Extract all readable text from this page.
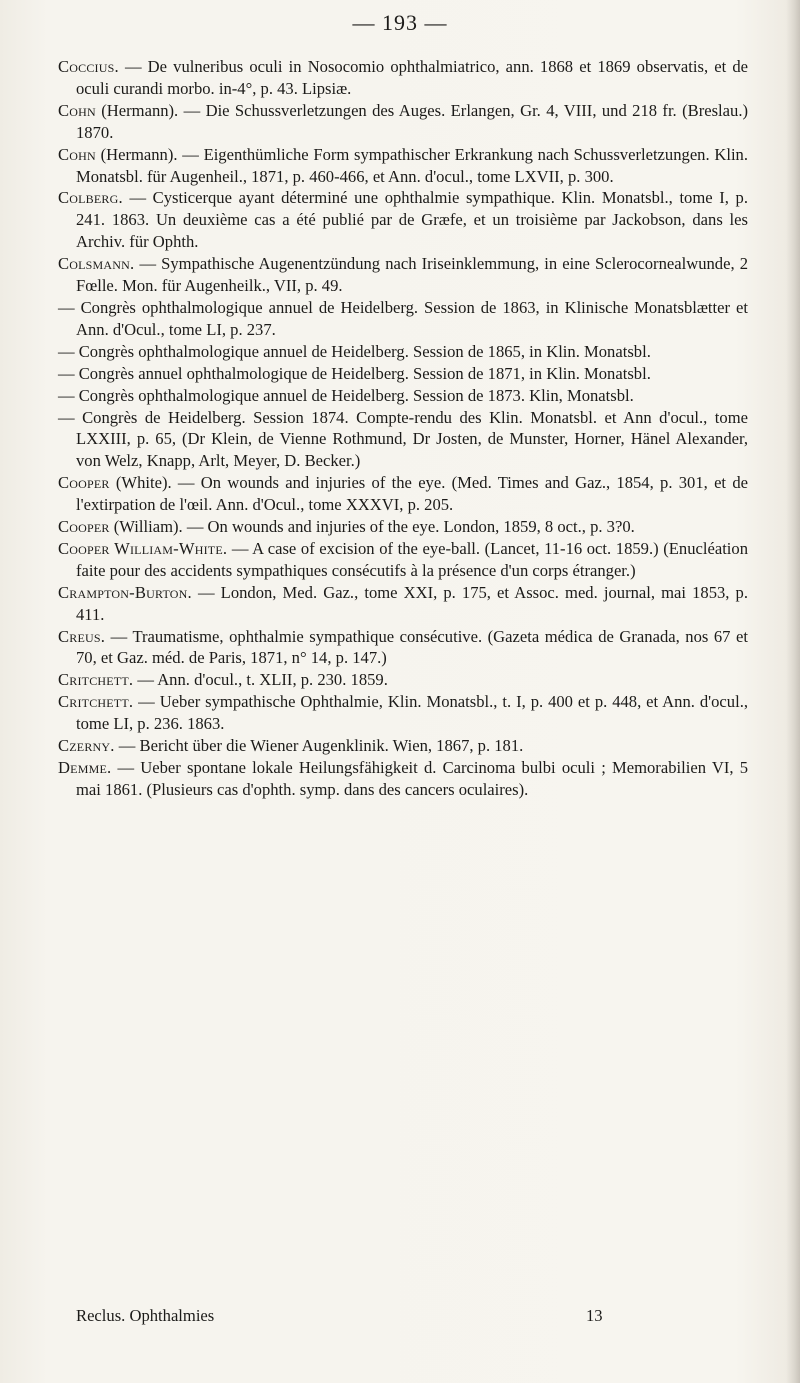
— 193 —

Coccius. — De vulneribus oculi in Nosocomio ophthalmiatrico, ann. 1868 et 1869 observatis, et de oculi curandi morbo. in-4°, p. 43. Lipsiæ.

Cohn (Hermann). — Die Schussverletzungen des Auges. Erlangen, Gr. 4, VIII, und 218 fr. (Breslau.) 1870.

Cohn (Hermann). — Eigenthümliche Form sympathischer Erkrankung nach Schussverletzungen. Klin. Monatsbl. für Augenheil., 1871, p. 460-466, et Ann. d'ocul., tome LXVII, p. 300.

Colberg. — Cysticerque ayant déterminé une ophthalmie sympathique. Klin. Monatsbl., tome I, p. 241. 1863. Un deuxième cas a été publié par de Græfe, et un troisième par Jackobson, dans les Archiv. für Ophth.

Colsmann. — Sympathische Augenentzündung nach Iriseinklemmung, in eine Sclerocornealwunde, 2 Fœlle. Mon. für Augenheilk., VII, p. 49.

— Congrès ophthalmologique annuel de Heidelberg. Session de 1863, in Klinische Monatsblætter et Ann. d'Ocul., tome LI, p. 237.

— Congrès ophthalmologique annuel de Heidelberg. Session de 1865, in Klin. Monatsbl.

— Congrès annuel ophthalmologique de Heidelberg. Session de 1871, in Klin. Monatsbl.

— Congrès ophthalmologique annuel de Heidelberg. Session de 1873. Klin, Monatsbl.

— Congrès de Heidelberg. Session 1874. Compte-rendu des Klin. Monatsbl. et Ann d'ocul., tome LXXIII, p. 65, (Dr Klein, de Vienne Rothmund, Dr Josten, de Munster, Horner, Hänel Alexander, von Welz, Knapp, Arlt, Meyer, D. Becker.)

Cooper (White). — On wounds and injuries of the eye. (Med. Times and Gaz., 1854, p. 301, et de l'extirpation de l'œil. Ann. d'Ocul., tome XXXVI, p. 205.

Cooper (William). — On wounds and injuries of the eye. London, 1859, 8 oct., p. 3?0.

Cooper William-White. — A case of excision of the eye-ball. (Lancet, 11-16 oct. 1859.) (Enucléation faite pour des accidents sympathiques consécutifs à la présence d'un corps étranger.)

Crampton-Burton. — London, Med. Gaz., tome XXI, p. 175, et Assoc. med. journal, mai 1853, p. 411.

Creus. — Traumatisme, ophthalmie sympathique consécutive. (Gazeta médica de Granada, nos 67 et 70, et Gaz. méd. de Paris, 1871, n° 14, p. 147.)

Critchett. — Ann. d'ocul., t. XLII, p. 230. 1859.

Critchett. — Ueber sympathische Ophthalmie, Klin. Monatsbl., t. I, p. 400 et p. 448, et Ann. d'ocul., tome LI, p. 236. 1863.

Czerny. — Bericht über die Wiener Augenklinik. Wien, 1867, p. 181.

Demme. — Ueber spontane lokale Heilungsfähigkeit d. Carcinoma bulbi oculi ; Memorabilien VI, 5 mai 1861. (Plusieurs cas d'ophth. symp. dans des cancers oculaires).

Reclus. Ophthalmies	13
